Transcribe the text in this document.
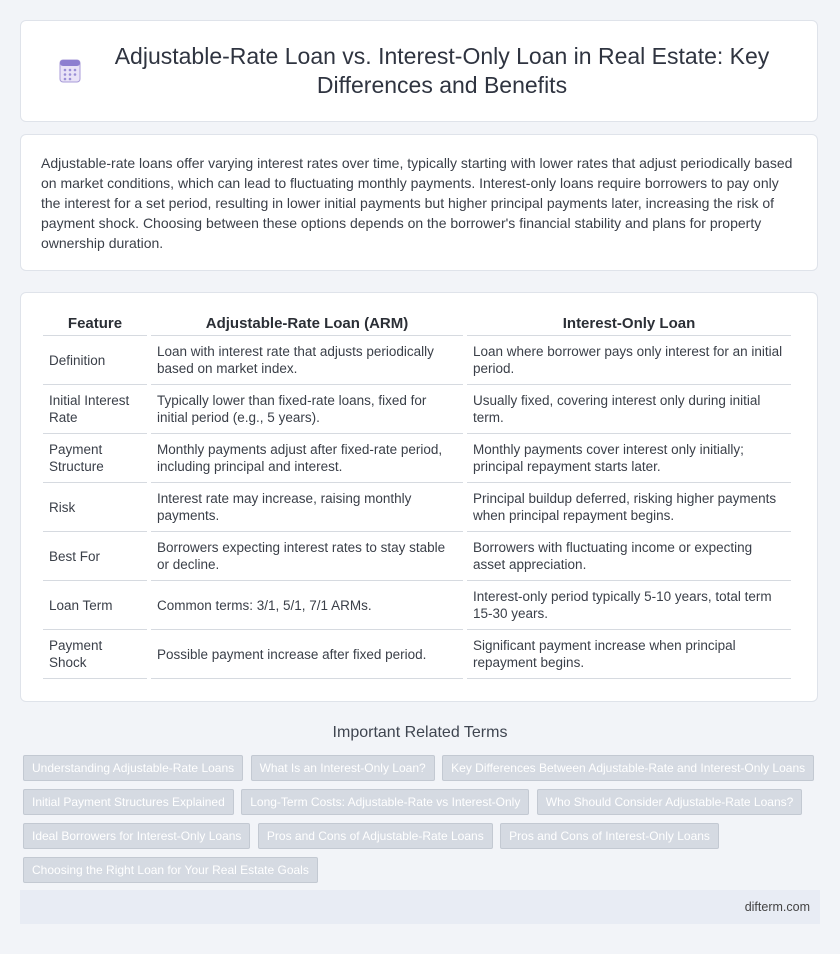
Adjustable-Rate Loan vs. Interest-Only Loan in Real Estate: Key Differences and Benefits

Adjustable-rate loans offer varying interest rates over time, typically starting with lower rates that adjust periodically based on market conditions, which can lead to fluctuating monthly payments. Interest-only loans require borrowers to pay only the interest for a set period, resulting in lower initial payments but higher principal payments later, increasing the risk of payment shock. Choosing between these options depends on the borrower's financial stability and plans for property ownership duration.

Feature	Adjustable-Rate Loan (ARM)	Interest-Only Loan
Definition	Loan with interest rate that adjusts periodically based on market index.	Loan where borrower pays only interest for an initial period.
Initial Interest Rate	Typically lower than fixed-rate loans, fixed for initial period (e.g., 5 years).	Usually fixed, covering interest only during initial term.
Payment Structure	Monthly payments adjust after fixed-rate period, including principal and interest.	Monthly payments cover interest only initially; principal repayment starts later.
Risk	Interest rate may increase, raising monthly payments.	Principal buildup deferred, risking higher payments when principal repayment begins.
Best For	Borrowers expecting interest rates to stay stable or decline.	Borrowers with fluctuating income or expecting asset appreciation.
Loan Term	Common terms: 3/1, 5/1, 7/1 ARMs.	Interest-only period typically 5-10 years, total term 15-30 years.
Payment Shock	Possible payment increase after fixed period.	Significant payment increase when principal repayment begins.
Important Related Terms
Understanding Adjustable-Rate Loans What Is an Interest-Only Loan? Key Differences Between Adjustable-Rate and Interest-Only Loans Initial Payment Structures Explained Long-Term Costs: Adjustable-Rate vs Interest-Only Who Should Consider Adjustable-Rate Loans? Ideal Borrowers for Interest-Only Loans Pros and Cons of Adjustable-Rate Loans Pros and Cons of Interest-Only Loans Choosing the Right Loan for Your Real Estate Goals
difterm.com
